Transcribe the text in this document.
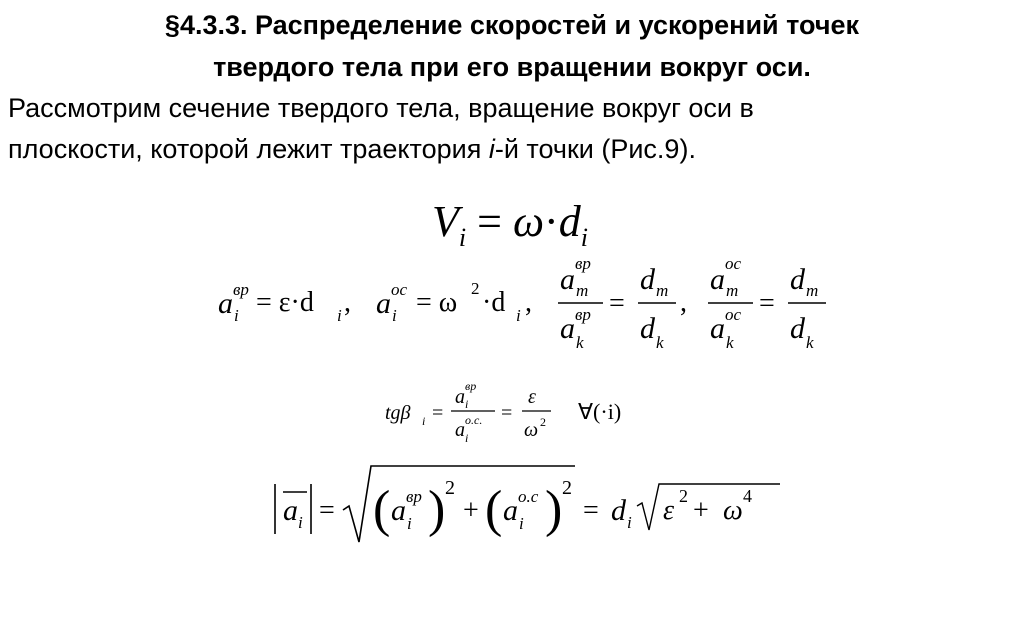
§4.3.3. Распределение скоростей и ускорений точек
твердого тела при его вращении вокруг оси.
Рассмотрим сечение твердого тела, вращение вокруг оси в
плоскости, которой лежит траектория i-й точки (Рис.9).
$V_i = \omega\cdot d_i$
a вр
i = ε·d i , a ос
i = ω 2 ·d i ,
a вр
m
a вр
k
=
d m
d k
,
a ос
m
a ос
k
=
d m
d k
tgβ i =
a вр
i
a o.c.
i
=
ε
ω 2 ∀(·i)
a i = ( a вр
i ) 2
+ ( a o.c
i ) 2
= d i ε 2 + ω 4
